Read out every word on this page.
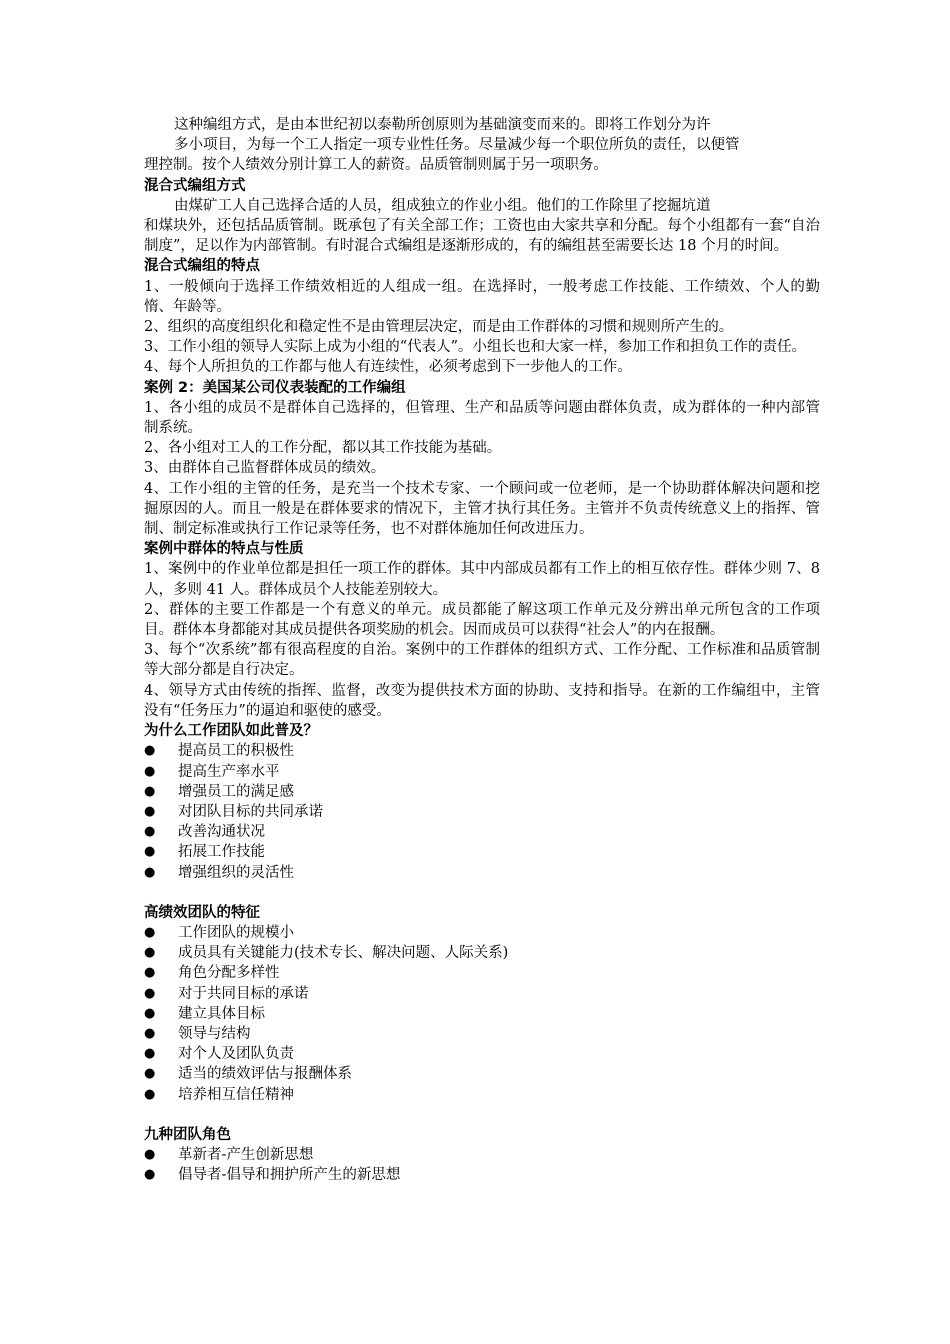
这种编组方式，是由本世纪初以泰勒所创原则为基础演变而来的。即将工作划分为许

多小项目，为每一个工人指定一项专业性任务。尽量减少每一个职位所负的责任，以便管

理控制。按个人绩效分别计算工人的薪资。品质管制则属于另一项职务。

混合式编组方式

由煤矿工人自己选择合适的人员，组成独立的作业小组。他们的工作除里了挖掘坑道

和煤块外，还包括品质管制。既承包了有关全部工作；工资也由大家共享和分配。每个小组都有一套“自治制度”，足以作为内部管制。有时混合式编组是逐渐形成的，有的编组甚至需要长达 18 个月的时间。

混合式编组的特点

1、一般倾向于选择工作绩效相近的人组成一组。在选择时，一般考虑工作技能、工作绩效、个人的勤惰、年龄等。

2、组织的高度组织化和稳定性不是由管理层决定，而是由工作群体的习惯和规则所产生的。

3、工作小组的领导人实际上成为小组的“代表人”。小组长也和大家一样，参加工作和担负工作的责任。

4、每个人所担负的工作都与他人有连续性，必须考虑到下一步他人的工作。

案例 2：美国某公司仪表装配的工作编组

1、各小组的成员不是群体自己选择的，但管理、生产和品质等问题由群体负责，成为群体的一种内部管制系统。

2、各小组对工人的工作分配，都以其工作技能为基础。

3、由群体自己监督群体成员的绩效。

4、工作小组的主管的任务，是充当一个技术专家、一个顾问或一位老师，是一个协助群体解决问题和挖掘原因的人。而且一般是在群体要求的情况下，主管才执行其任务。主管并不负责传统意义上的指挥、管制、制定标准或执行工作记录等任务，也不对群体施加任何改进压力。

案例中群体的特点与性质

1、案例中的作业单位都是担任一项工作的群体。其中内部成员都有工作上的相互依存性。群体少则 7、8 人，多则 41 人。群体成员个人技能差别较大。

2、群体的主要工作都是一个有意义的单元。成员都能了解这项工作单元及分辨出单元所包含的工作项目。群体本身都能对其成员提供各项奖励的机会。因而成员可以获得“社会人”的内在报酬。

3、每个“次系统”都有很高程度的自治。案例中的工作群体的组织方式、工作分配、工作标准和品质管制等大部分都是自行决定。

4、领导方式由传统的指挥、监督，改变为提供技术方面的协助、支持和指导。在新的工作编组中，主管没有“任务压力”的逼迫和驱使的感受。

为什么工作团队如此普及？

● 提高员工的积极性
● 提高生产率水平
● 增强员工的满足感
● 对团队目标的共同承诺
● 改善沟通状况
● 拓展工作技能
● 增强组织的灵活性

高绩效团队的特征

● 工作团队的规模小
● 成员具有关键能力(技术专长、解决问题、人际关系)
● 角色分配多样性
● 对于共同目标的承诺
● 建立具体目标
● 领导与结构
● 对个人及团队负责
● 适当的绩效评估与报酬体系
● 培养相互信任精神

九种团队角色

● 革新者-产生创新思想
● 倡导者-倡导和拥护所产生的新思想
